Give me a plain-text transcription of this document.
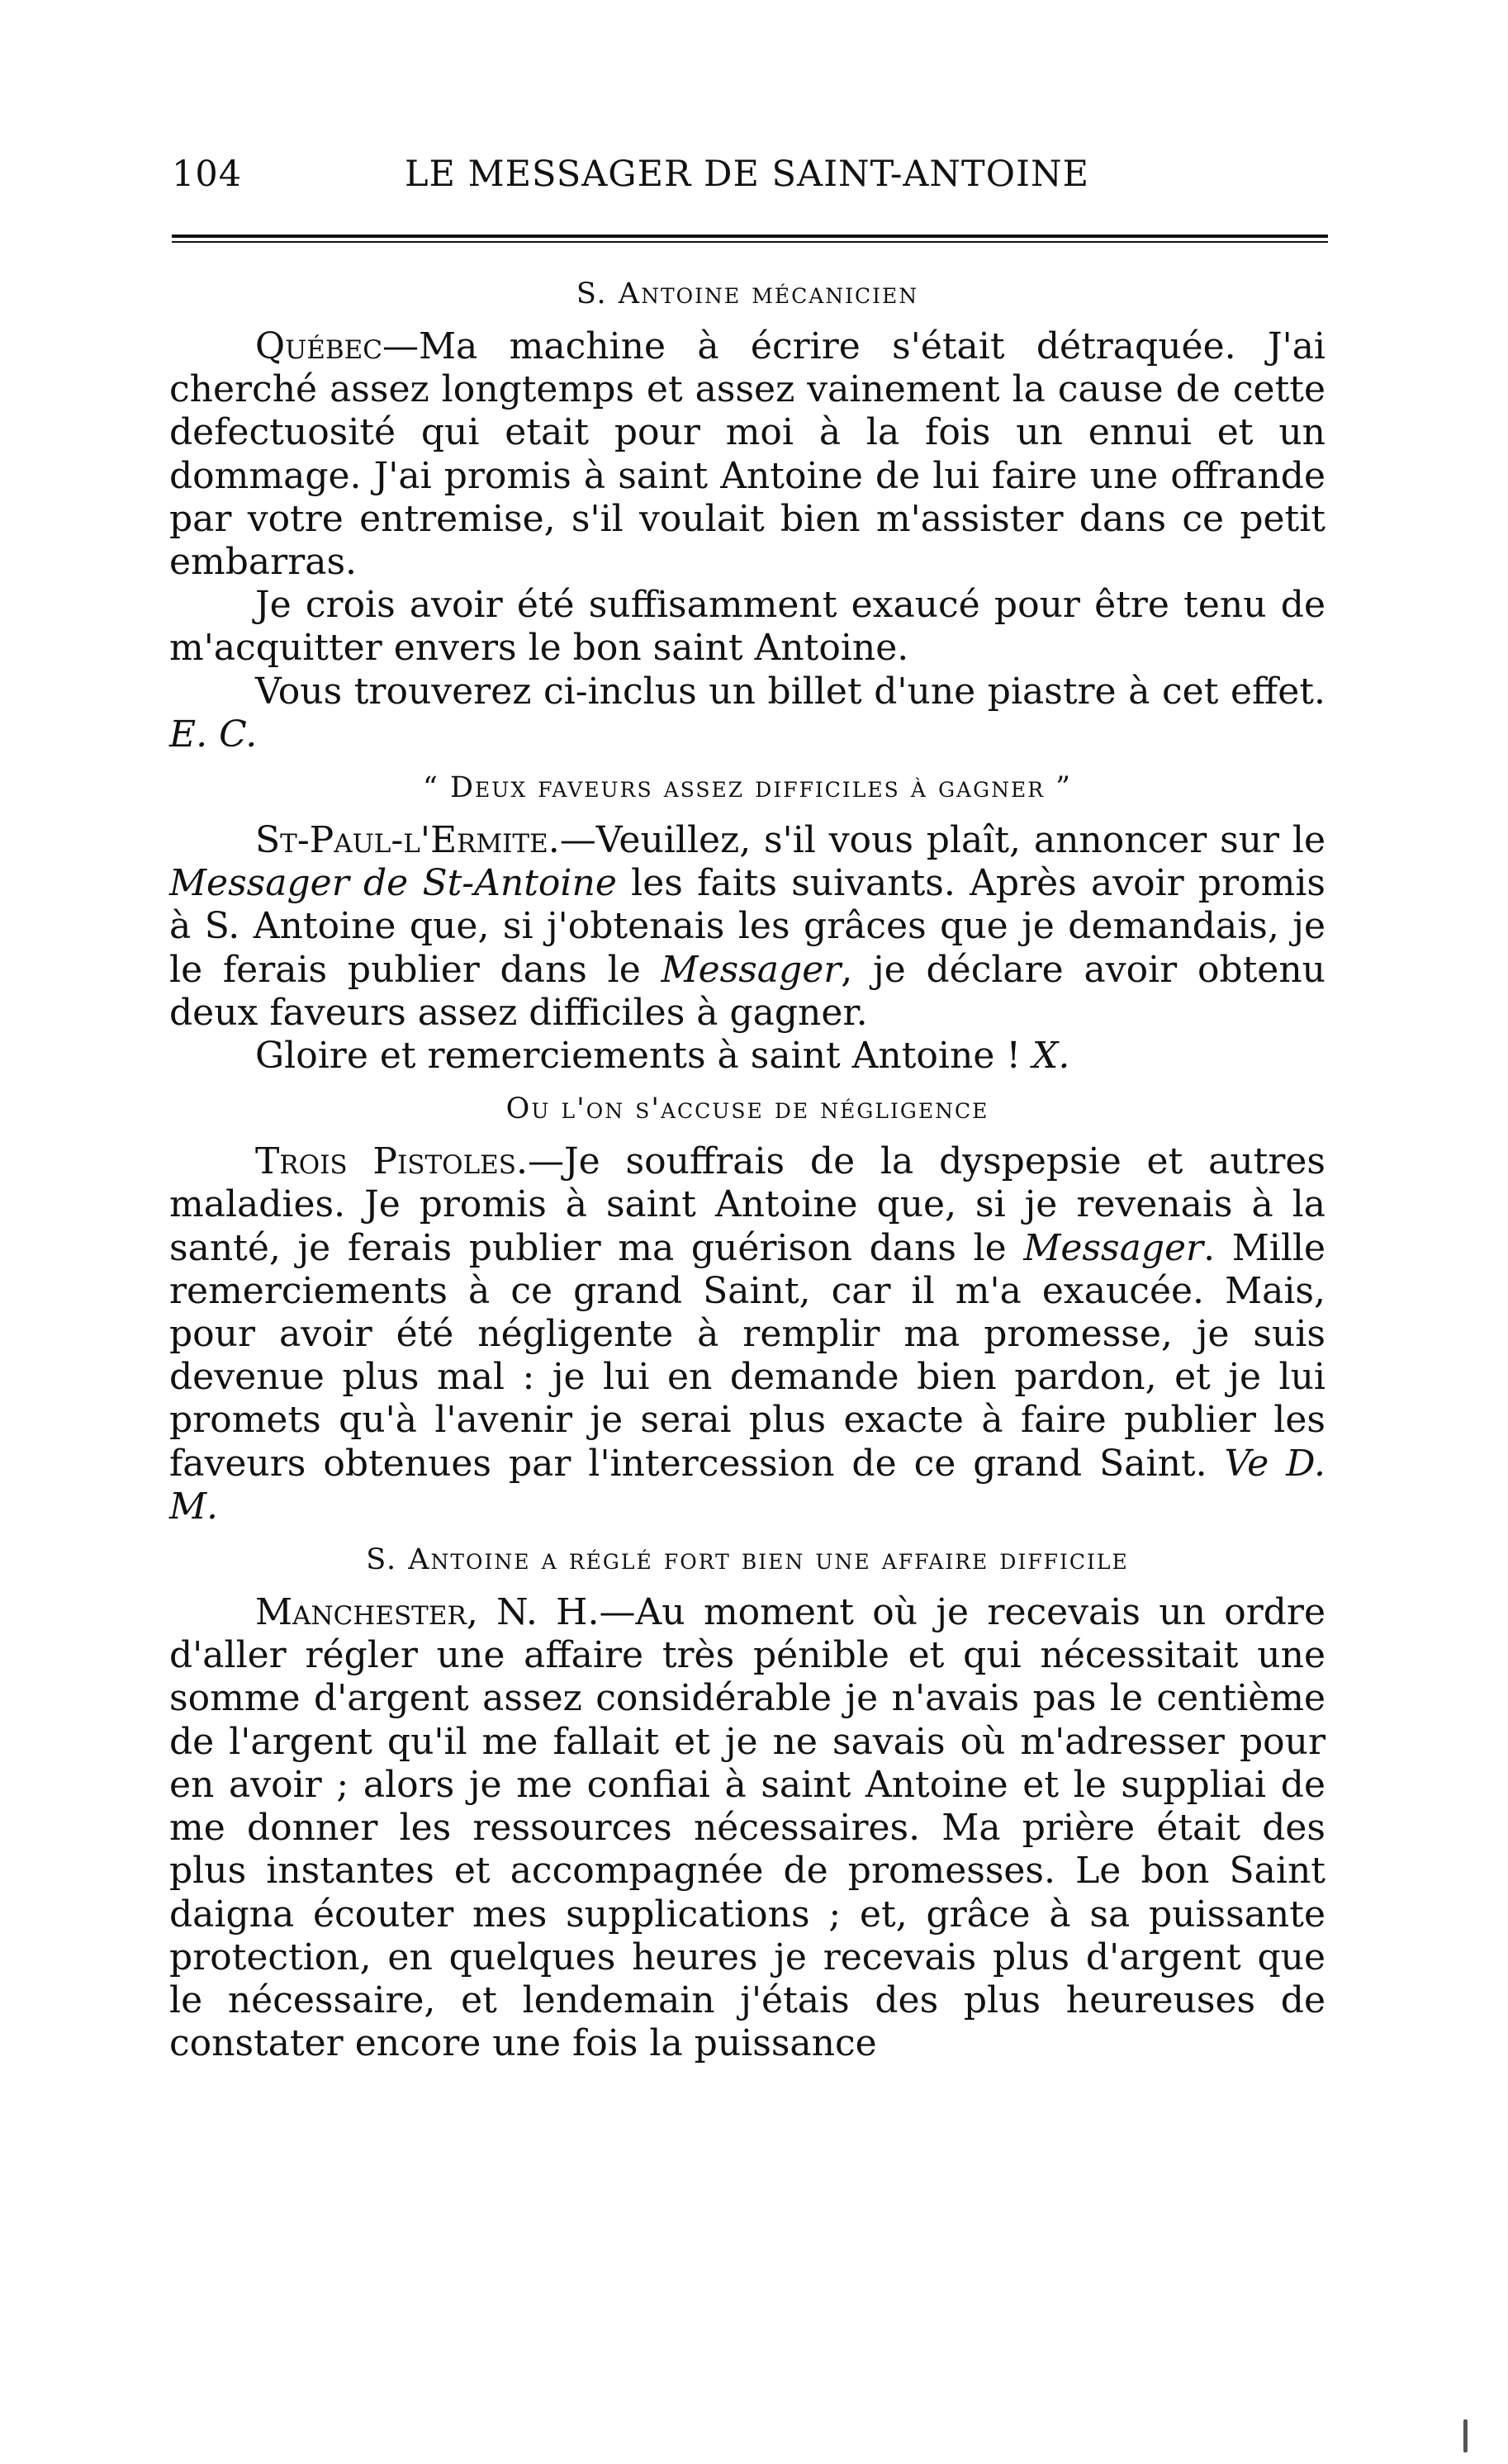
104	LE MESSAGER DE SAINT-ANTOINE
S. Antoine mécanicien

Québec—Ma machine à écrire s'était détraquée. J'ai cherché assez longtemps et assez vainement la cause de cette defectuosité qui etait pour moi à la fois un ennui et un dommage. J'ai promis à saint Antoine de lui faire une offrande par votre entremise, s'il voulait bien m'assister dans ce petit embarras.

Je crois avoir été suffisamment exaucé pour être tenu de m'acquitter envers le bon saint Antoine.

Vous trouverez ci-inclus un billet d'une piastre à cet effet. E. C.

“ Deux faveurs assez difficiles à gagner ”

St-Paul-l'Ermite.—Veuillez, s'il vous plaît, annoncer sur le Messager de St-Antoine les faits suivants. Après avoir promis à S. Antoine que, si j'obtenais les grâces que je demandais, je le ferais publier dans le Messager, je déclare avoir obtenu deux faveurs assez difficiles à gagner.

Gloire et remerciements à saint Antoine ! X.

Ou l'on s'accuse de négligence

Trois Pistoles.—Je souffrais de la dyspepsie et autres maladies. Je promis à saint Antoine que, si je revenais à la santé, je ferais publier ma guérison dans le Messager. Mille remerciements à ce grand Saint, car il m'a exaucée. Mais, pour avoir été négligente à remplir ma promesse, je suis devenue plus mal : je lui en demande bien pardon, et je lui promets qu'à l'avenir je serai plus exacte à faire publier les faveurs obtenues par l'intercession de ce grand Saint. Ve D. M.

S. Antoine a réglé fort bien une affaire difficile

Manchester, N. H.—Au moment où je recevais un ordre d'aller régler une affaire très pénible et qui nécessitait une somme d'argent assez considérable je n'avais pas le centième de l'argent qu'il me fallait et je ne savais où m'adresser pour en avoir ; alors je me confiai à saint Antoine et le suppliai de me donner les ressources nécessaires. Ma prière était des plus instantes et accompagnée de promesses. Le bon Saint daigna écouter mes supplications ; et, grâce à sa puissante protection, en quelques heures je recevais plus d'argent que le nécessaire, et lendemain j'étais des plus heureuses de constater encore une fois la puissance
